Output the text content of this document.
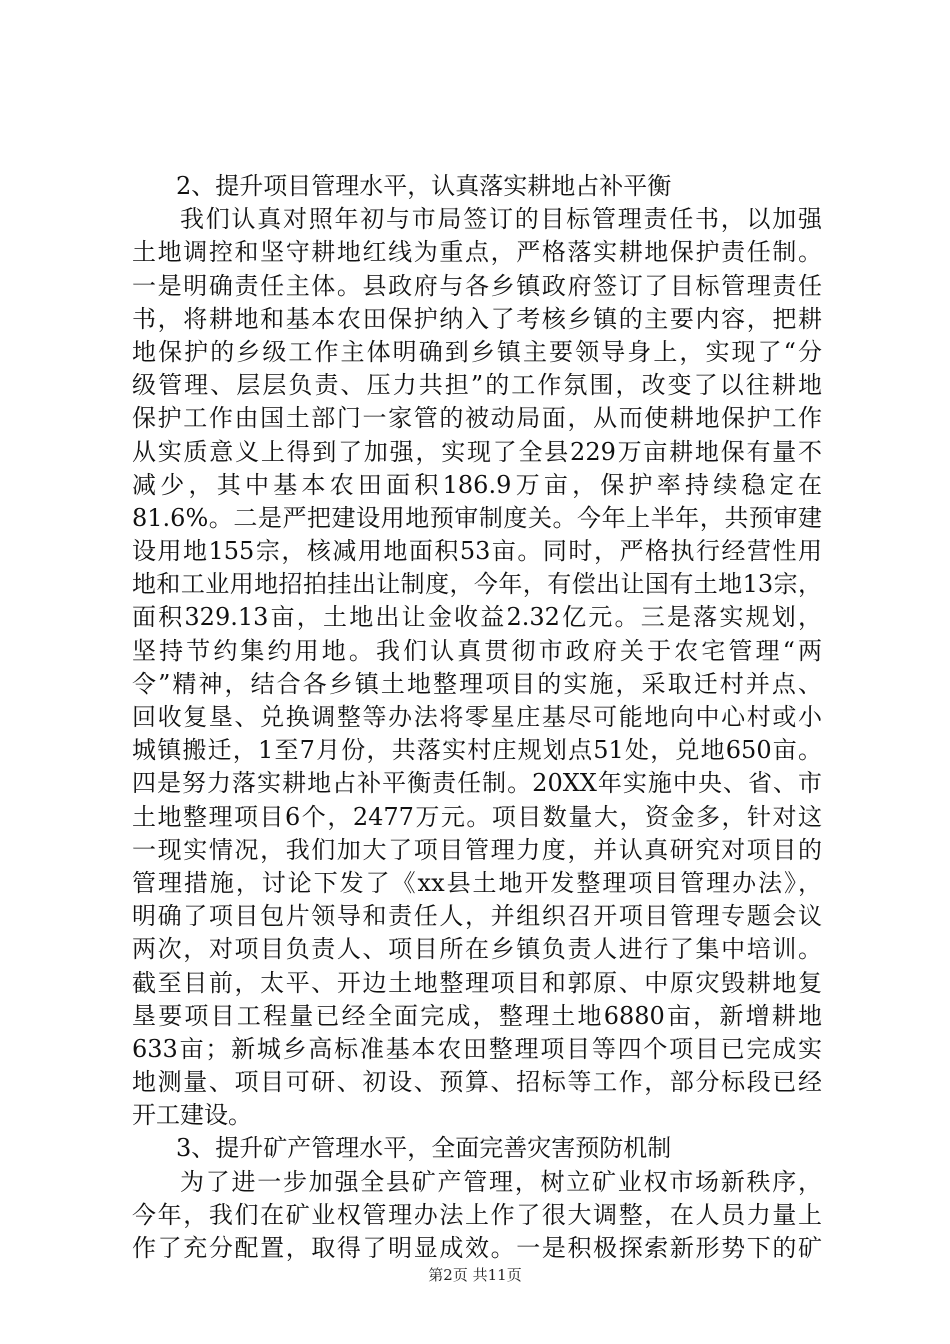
2、提升项目管理水平，认真落实耕地占补平衡
我们认真对照年初与市局签订的目标管理责任书，以加强
土地调控和坚守耕地红线为重点，严格落实耕地保护责任制。
一是明确责任主体。县政府与各乡镇政府签订了目标管理责任
书，将耕地和基本农田保护纳入了考核乡镇的主要内容，把耕
地保护的乡级工作主体明确到乡镇主要领导身上，实现了“分
级管理、层层负责、压力共担”的工作氛围，改变了以往耕地
保护工作由国土部门一家管的被动局面，从而使耕地保护工作
从实质意义上得到了加强，实现了全县229万亩耕地保有量不
减少，其中基本农田面积186.9万亩，保护率持续稳定在
81.6%。二是严把建设用地预审制度关。今年上半年，共预审建
设用地155宗，核减用地面积53亩。同时，严格执行经营性用
地和工业用地招拍挂出让制度，今年，有偿出让国有土地13宗，
面积329.13亩，土地出让金收益2.32亿元。三是落实规划，
坚持节约集约用地。我们认真贯彻市政府关于农宅管理“两
令”精神，结合各乡镇土地整理项目的实施，采取迁村并点、
回收复垦、兑换调整等办法将零星庄基尽可能地向中心村或小
城镇搬迁，1至7月份，共落实村庄规划点51处，兑地650亩。
四是努力落实耕地占补平衡责任制。20XX年实施中央、省、市
土地整理项目6个，2477万元。项目数量大，资金多，针对这
一现实情况，我们加大了项目管理力度，并认真研究对项目的
管理措施，讨论下发了《xx县土地开发整理项目管理办法》，
明确了项目包片领导和责任人，并组织召开项目管理专题会议
两次，对项目负责人、项目所在乡镇负责人进行了集中培训。
截至目前，太平、开边土地整理项目和郭原、中原灾毁耕地复
垦要项目工程量已经全面完成，整理土地6880亩，新增耕地
633亩；新城乡高标准基本农田整理项目等四个项目已完成实
地测量、项目可研、初设、预算、招标等工作，部分标段已经
开工建设。
3、提升矿产管理水平，全面完善灾害预防机制
为了进一步加强全县矿产管理，树立矿业权市场新秩序，
今年，我们在矿业权管理办法上作了很大调整，在人员力量上
作了充分配置，取得了明显成效。一是积极探索新形势下的矿
第2页 共11页
